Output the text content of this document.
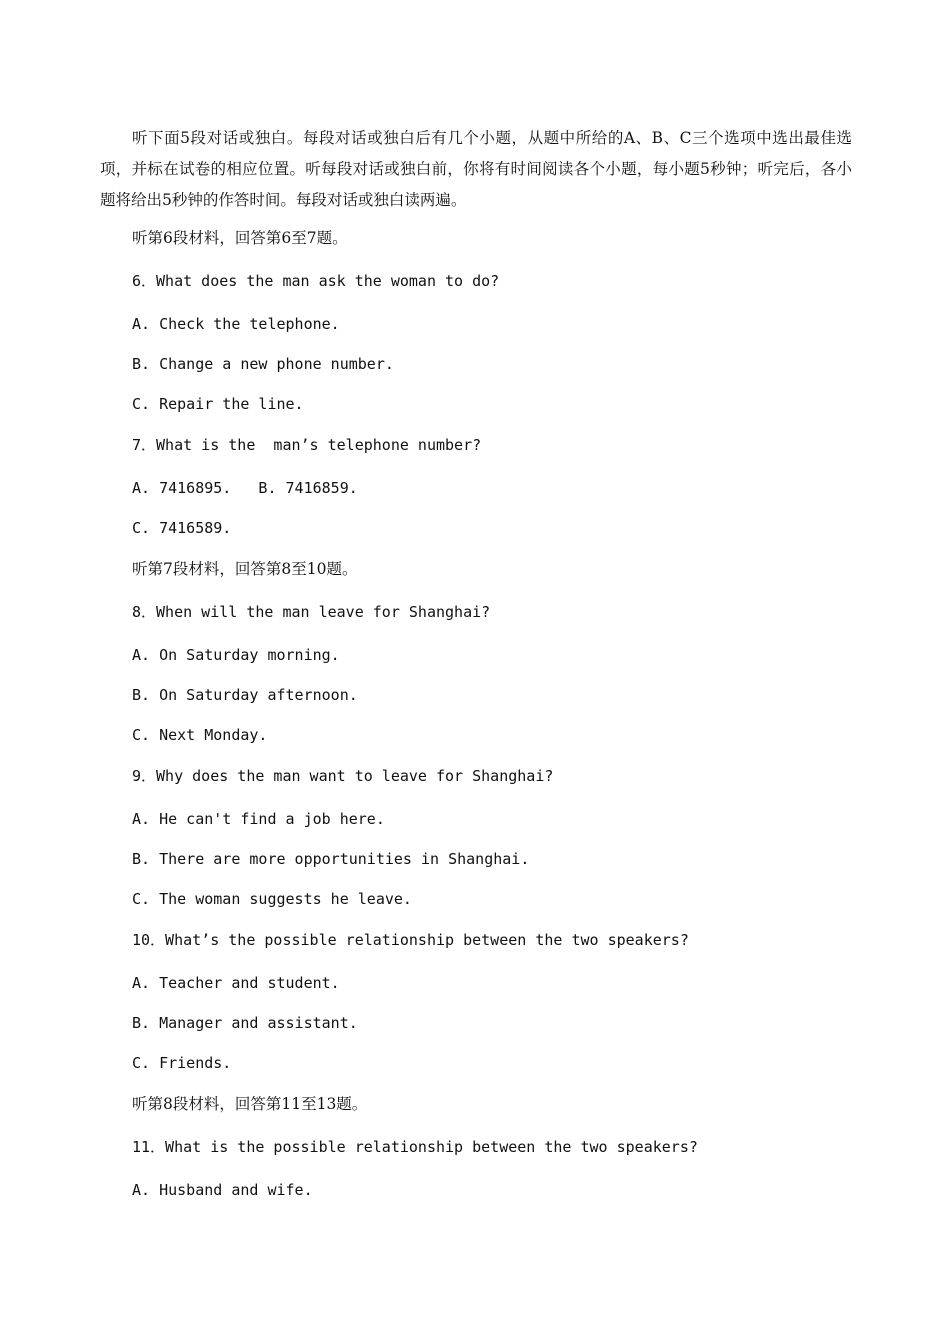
听下面5段对话或独白。每段对话或独白后有几个小题，从题中所给的A、B、C三个选项中选出最佳选项，并标在试卷的相应位置。听每段对话或独白前，你将有时间阅读各个小题，每小题5秒钟；听完后，各小题将给出5秒钟的作答时间。每段对话或独白读两遍。
听第6段材料，回答第6至7题。
6．What does the man ask the woman to do?
A. Check the telephone.
B. Change a new phone number.
C. Repair the line.
7．What is the  man’s telephone number?
A. 7416895.   B. 7416859.
C. 7416589.
听第7段材料，回答第8至10题。
8．When will the man leave for Shanghai?
A. On Saturday morning.
B. On Saturday afternoon.
C. Next Monday.
9．Why does the man want to leave for Shanghai?
A. He can't find a job here.
B. There are more opportunities in Shanghai.
C. The woman suggests he leave.
10．What’s the possible relationship between the two speakers?
A. Teacher and student.
B. Manager and assistant.
C. Friends.
听第8段材料，回答第11至13题。
11．What is the possible relationship between the two speakers?
A. Husband and wife.
